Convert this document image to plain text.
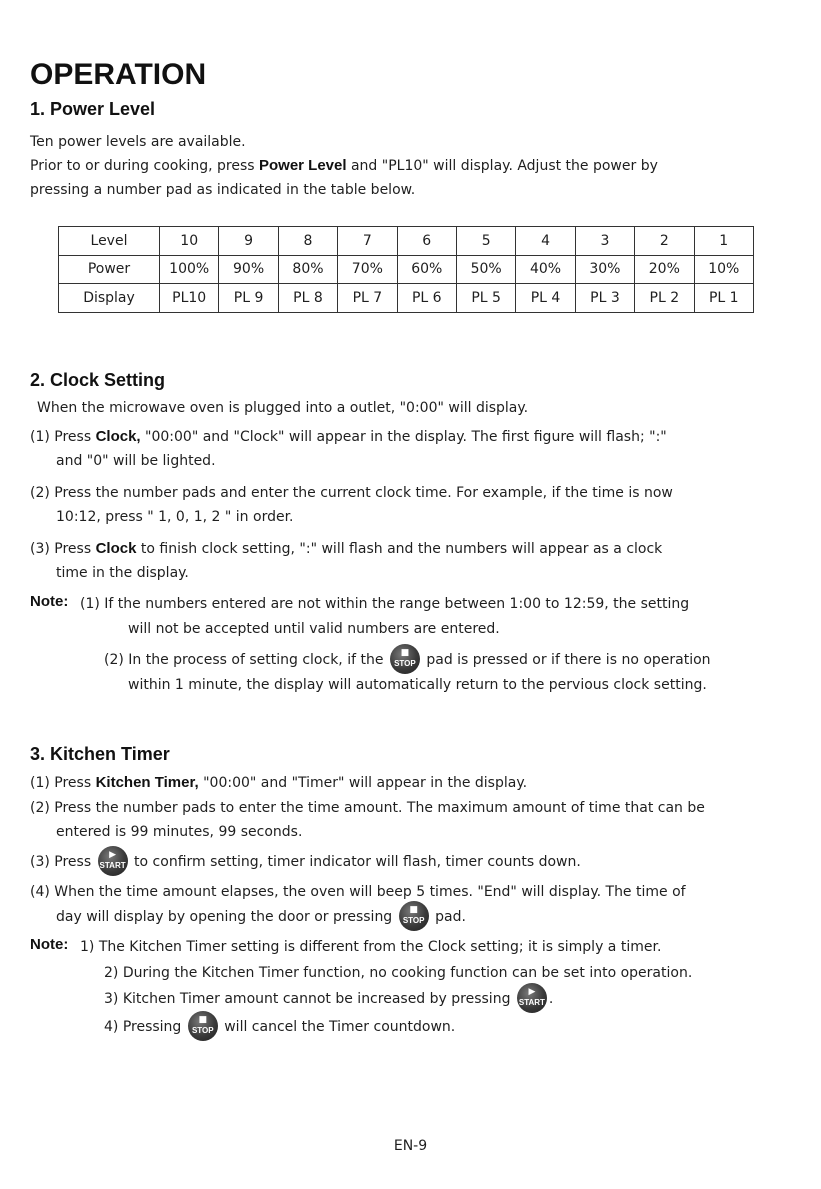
OPERATION
1. Power Level
Ten power levels are available.
Prior to or during cooking, press Power Level and "PL10" will display. Adjust the power by
pressing a number pad as indicated in the table below.
Level	10	9	8	7	6	5	4	3	2	1
Power	100%	90%	80%	70%	60%	50%	40%	30%	20%	10%
Display	PL10	PL 9	PL 8	PL 7	PL 6	PL 5	PL 4	PL 3	PL 2	PL 1
2. Clock Setting
When the microwave oven is plugged into a outlet, "0:00" will display.
(1) Press Clock, "00:00" and "Clock" will appear in the display. The first figure will flash; ":"
and "0" will be lighted.
(2) Press the number pads and enter the current clock time. For example, if the time is now
10:12, press " 1, 0, 1, 2 " in order.
(3) Press Clock to finish clock setting, ":" will flash and the numbers will appear as a clock
time in the display.
Note: (1) If the numbers entered are not within the range between 1:00 to 12:59, the setting
will not be accepted until valid numbers are entered.
(2) In the process of setting clock, if the	■
STOP pad is pressed or if there is no operation
within 1 minute, the display will automatically return to the pervious clock setting.
3. Kitchen Timer
(1) Press Kitchen Timer, "00:00" and "Timer" will appear in the display.
(2) Press the number pads to enter the time amount. The maximum amount of time that can be
entered is 99 minutes, 99 seconds.
(3) Press	▶
START to confirm setting, timer indicator will flash, timer counts down.
(4) When the time amount elapses, the oven will beep 5 times. "End" will display. The time of
day will display by opening the door or pressing	■
STOP pad.
Note: 1) The Kitchen Timer setting is different from the Clock setting; it is simply a timer.
2) During the Kitchen Timer function, no cooking function can be set into operation.
3) Kitchen Timer amount cannot be increased by pressing	▶
START .
4) Pressing	■
STOP will cancel the Timer countdown.
EN-9
